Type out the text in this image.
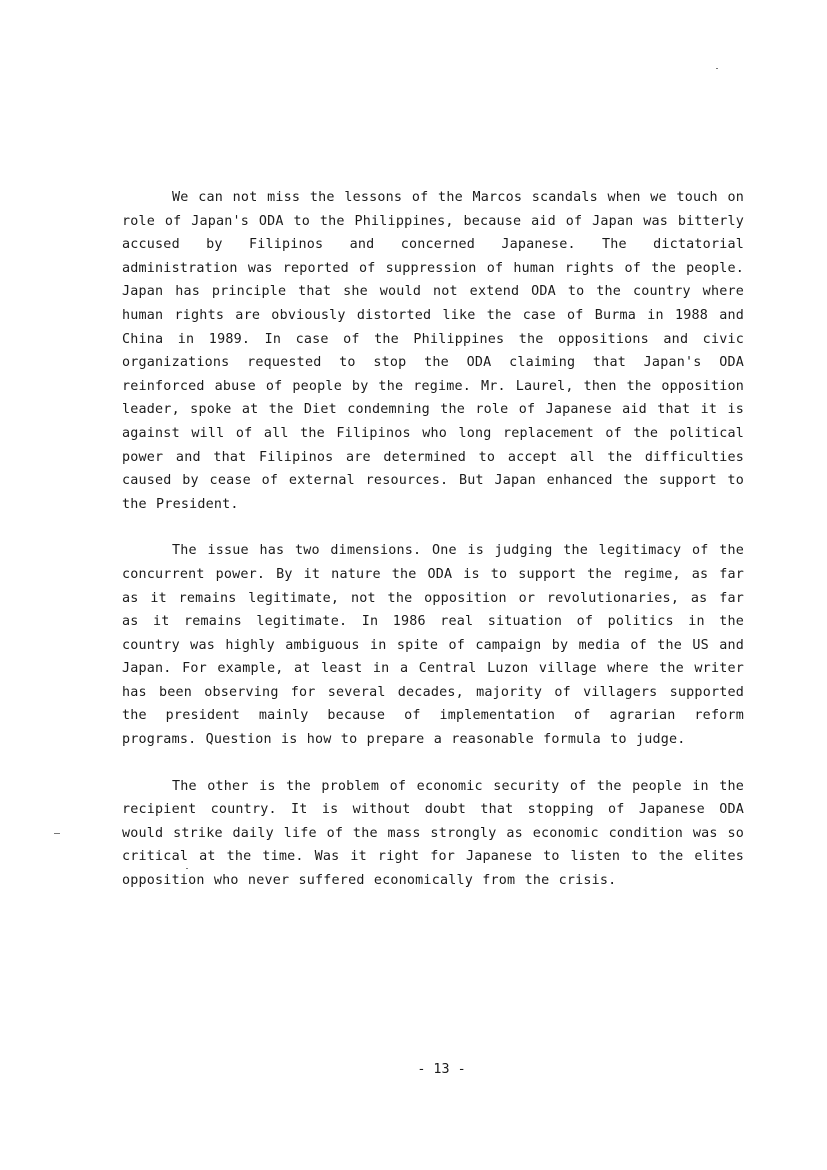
We can not miss the lessons of the Marcos scandals when we touch on role of Japan's ODA to the Philippines, because aid of Japan was bitterly accused by Filipinos and concerned Japanese. The dictatorial administration was reported of suppression of human rights of the people. Japan has principle that she would not extend ODA to the country where human rights are obviously distorted like the case of Burma in 1988 and China in 1989. In case of the Philippines the oppositions and civic organizations requested to stop the ODA claiming that Japan's ODA reinforced abuse of people by the regime. Mr. Laurel, then the opposition leader, spoke at the Diet condemning the role of Japanese aid that it is against will of all the Filipinos who long replacement of the political power and that Filipinos are determined to accept all the difficulties caused by cease of external resources. But Japan enhanced the support to the President.

The issue has two dimensions. One is judging the legitimacy of the concurrent power. By it nature the ODA is to support the regime, as far as it remains legitimate, not the opposition or revolutionaries, as far as it remains legitimate. In 1986 real situation of politics in the country was highly ambiguous in spite of campaign by media of the US and Japan. For example, at least in a Central Luzon village where the writer has been observing for several decades, majority of villagers supported the president mainly because of implementation of agrarian reform programs. Question is how to prepare a reasonable formula to judge.

The other is the problem of economic security of the people in the recipient country. It is without doubt that stopping of Japanese ODA would strike daily life of the mass strongly as economic condition was so critical at the time. Was it right for Japanese to listen to the elites opposition who never suffered economically from the crisis.

- 13 -
